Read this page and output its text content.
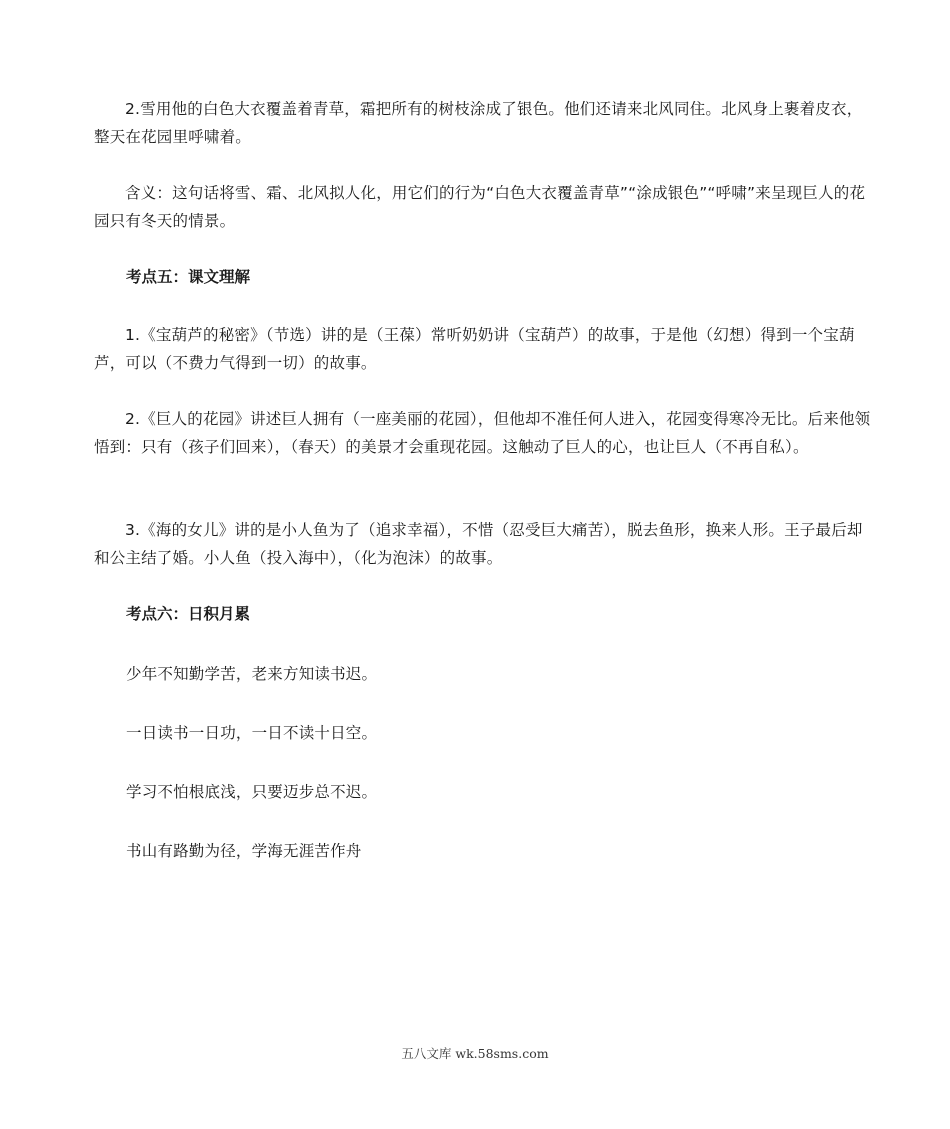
2.雪用他的白色大衣覆盖着青草，霜把所有的树枝涂成了银色。他们还请来北风同住。北风身上裹着皮衣，整天在花园里呼啸着。

含义：这句话将雪、霜、北风拟人化，用它们的行为“白色大衣覆盖青草”“涂成银色”“呼啸”来呈现巨人的花园只有冬天的情景。

考点五：课文理解

1.《宝葫芦的秘密》（节选）讲的是（王葆）常听奶奶讲（宝葫芦）的故事，于是他（幻想）得到一个宝葫芦，可以（不费力气得到一切）的故事。

2.《巨人的花园》讲述巨人拥有（一座美丽的花园），但他却不准任何人进入，花园变得寒冷无比。后来他领悟到：只有（孩子们回来），（春天）的美景才会重现花园。这触动了巨人的心，也让巨人（不再自私）。

3.《海的女儿》讲的是小人鱼为了（追求幸福），不惜（忍受巨大痛苦），脱去鱼形，换来人形。王子最后却和公主结了婚。小人鱼（投入海中），（化为泡沫）的故事。

考点六：日积月累

少年不知勤学苦，老来方知读书迟。

一日读书一日功，一日不读十日空。

学习不怕根底浅，只要迈步总不迟。

书山有路勤为径，学海无涯苦作舟

五八文库 wk.58sms.com
